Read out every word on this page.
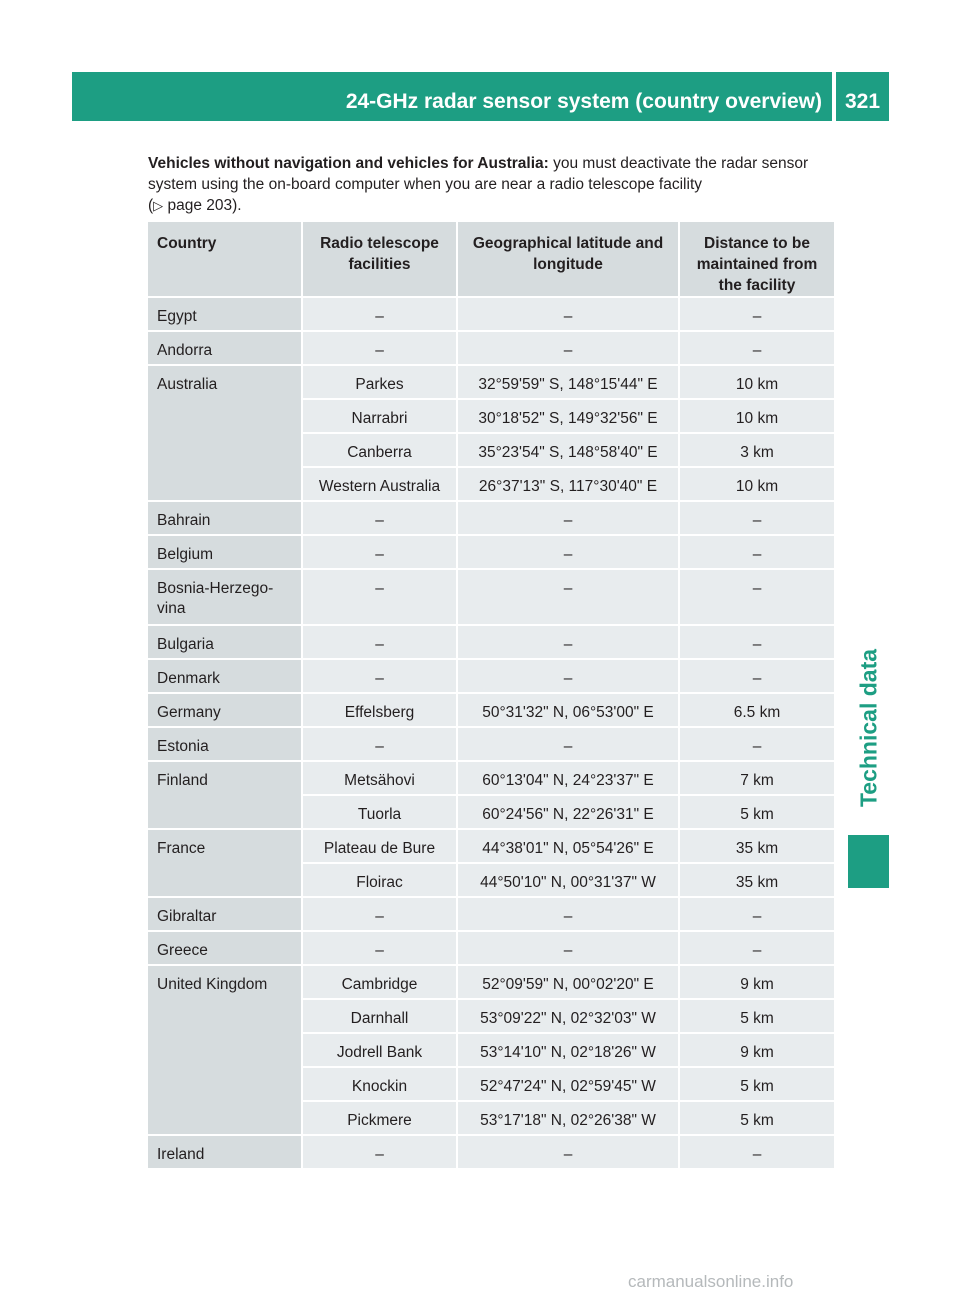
24-GHz radar sensor system (country overview)	321
Technical data
Vehicles without navigation and vehicles for Australia: you must deactivate the radar sensor system using the on-board computer when you are near a radio telescope facility
(▷ page 203).
Country	Radio telescope facilities	Geographical latitude and longitude	Distance to be maintained from the facility

Egypt	–	–	–
Andorra	–	–	–
Australia	Parkes	32°59'59" S, 148°15'44" E	10 km
	Narrabri	30°18'52" S, 149°32'56" E	10 km
	Canberra	35°23'54" S, 148°58'40" E	3 km
	Western Australia	26°37'13" S, 117°30'40" E	10 km
Bahrain	–	–	–
Belgium	–	–	–
Bosnia-Herzego- vina	–	–	–
Bulgaria	–	–	–
Denmark	–	–	–
Germany	Effelsberg	50°31'32" N, 06°53'00" E	6.5 km
Estonia	–	–	–
Finland	Metsähovi	60°13'04" N, 24°23'37" E	7 km
	Tuorla	60°24'56" N, 22°26'31" E	5 km
France	Plateau de Bure	44°38'01" N, 05°54'26" E	35 km
	Floirac	44°50'10" N, 00°31'37" W	35 km
Gibraltar	–	–	–
Greece	–	–	–
United Kingdom	Cambridge	52°09'59" N, 00°02'20" E	9 km
	Darnhall	53°09'22" N, 02°32'03" W	5 km
	Jodrell Bank	53°14'10" N, 02°18'26" W	9 km
	Knockin	52°47'24" N, 02°59'45" W	5 km
	Pickmere	53°17'18" N, 02°26'38" W	5 km
Ireland	–	–	–
carmanualsonline.info
